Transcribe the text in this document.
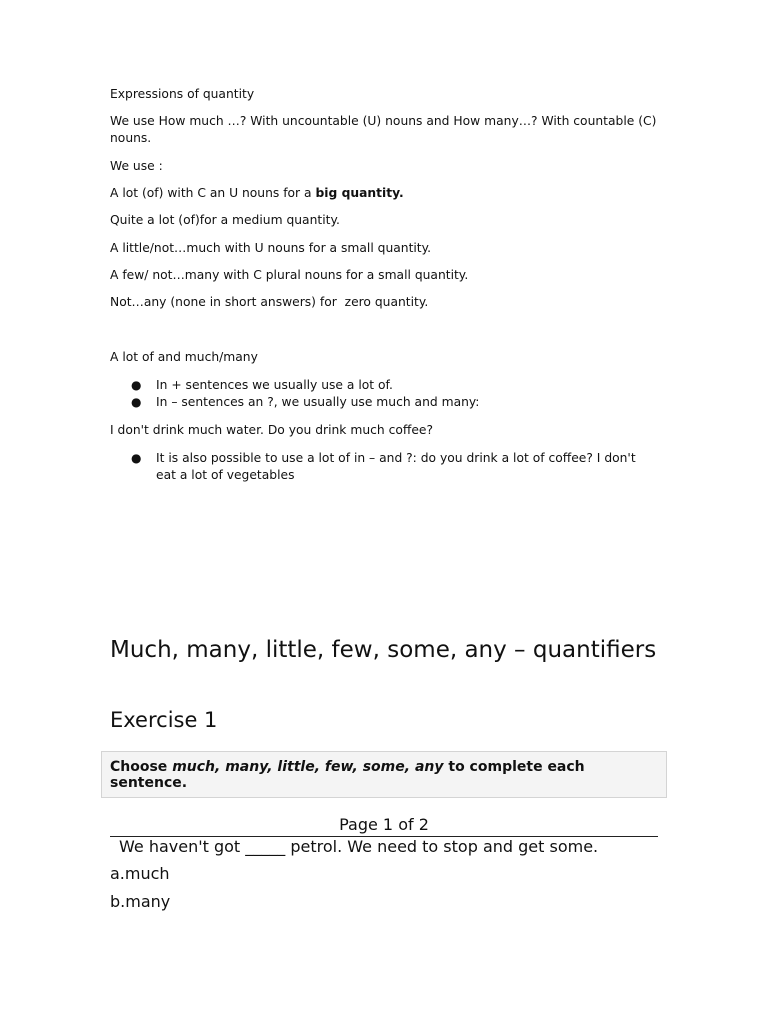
Expressions of quantity

We use How much …? With uncountable (U) nouns and How many…? With countable (C) nouns.

We use :

A lot (of) with C an U nouns for a big quantity.

Quite a lot (of)for a medium quantity.

A little/not…much with U nouns for a small quantity.

A few/ not…many with C plural nouns for a small quantity.

Not…any (none in short answers) for  zero quantity.

A lot of and much/many

● In + sentences we usually use a lot of.
● In – sentences an ?, we usually use much and many:

I don't drink much water. Do you drink much coffee?

● It is also possible to use a lot of in – and ?: do you drink a lot of coffee? I don't eat a lot of vegetables
Much, many, little, few, some, any – quantifiers
Exercise 1
Choose much, many, little, few, some, any to complete each sentence.
Page 1 of 2
We haven't got _____ petrol. We need to stop and get some.
a.much
b.many
